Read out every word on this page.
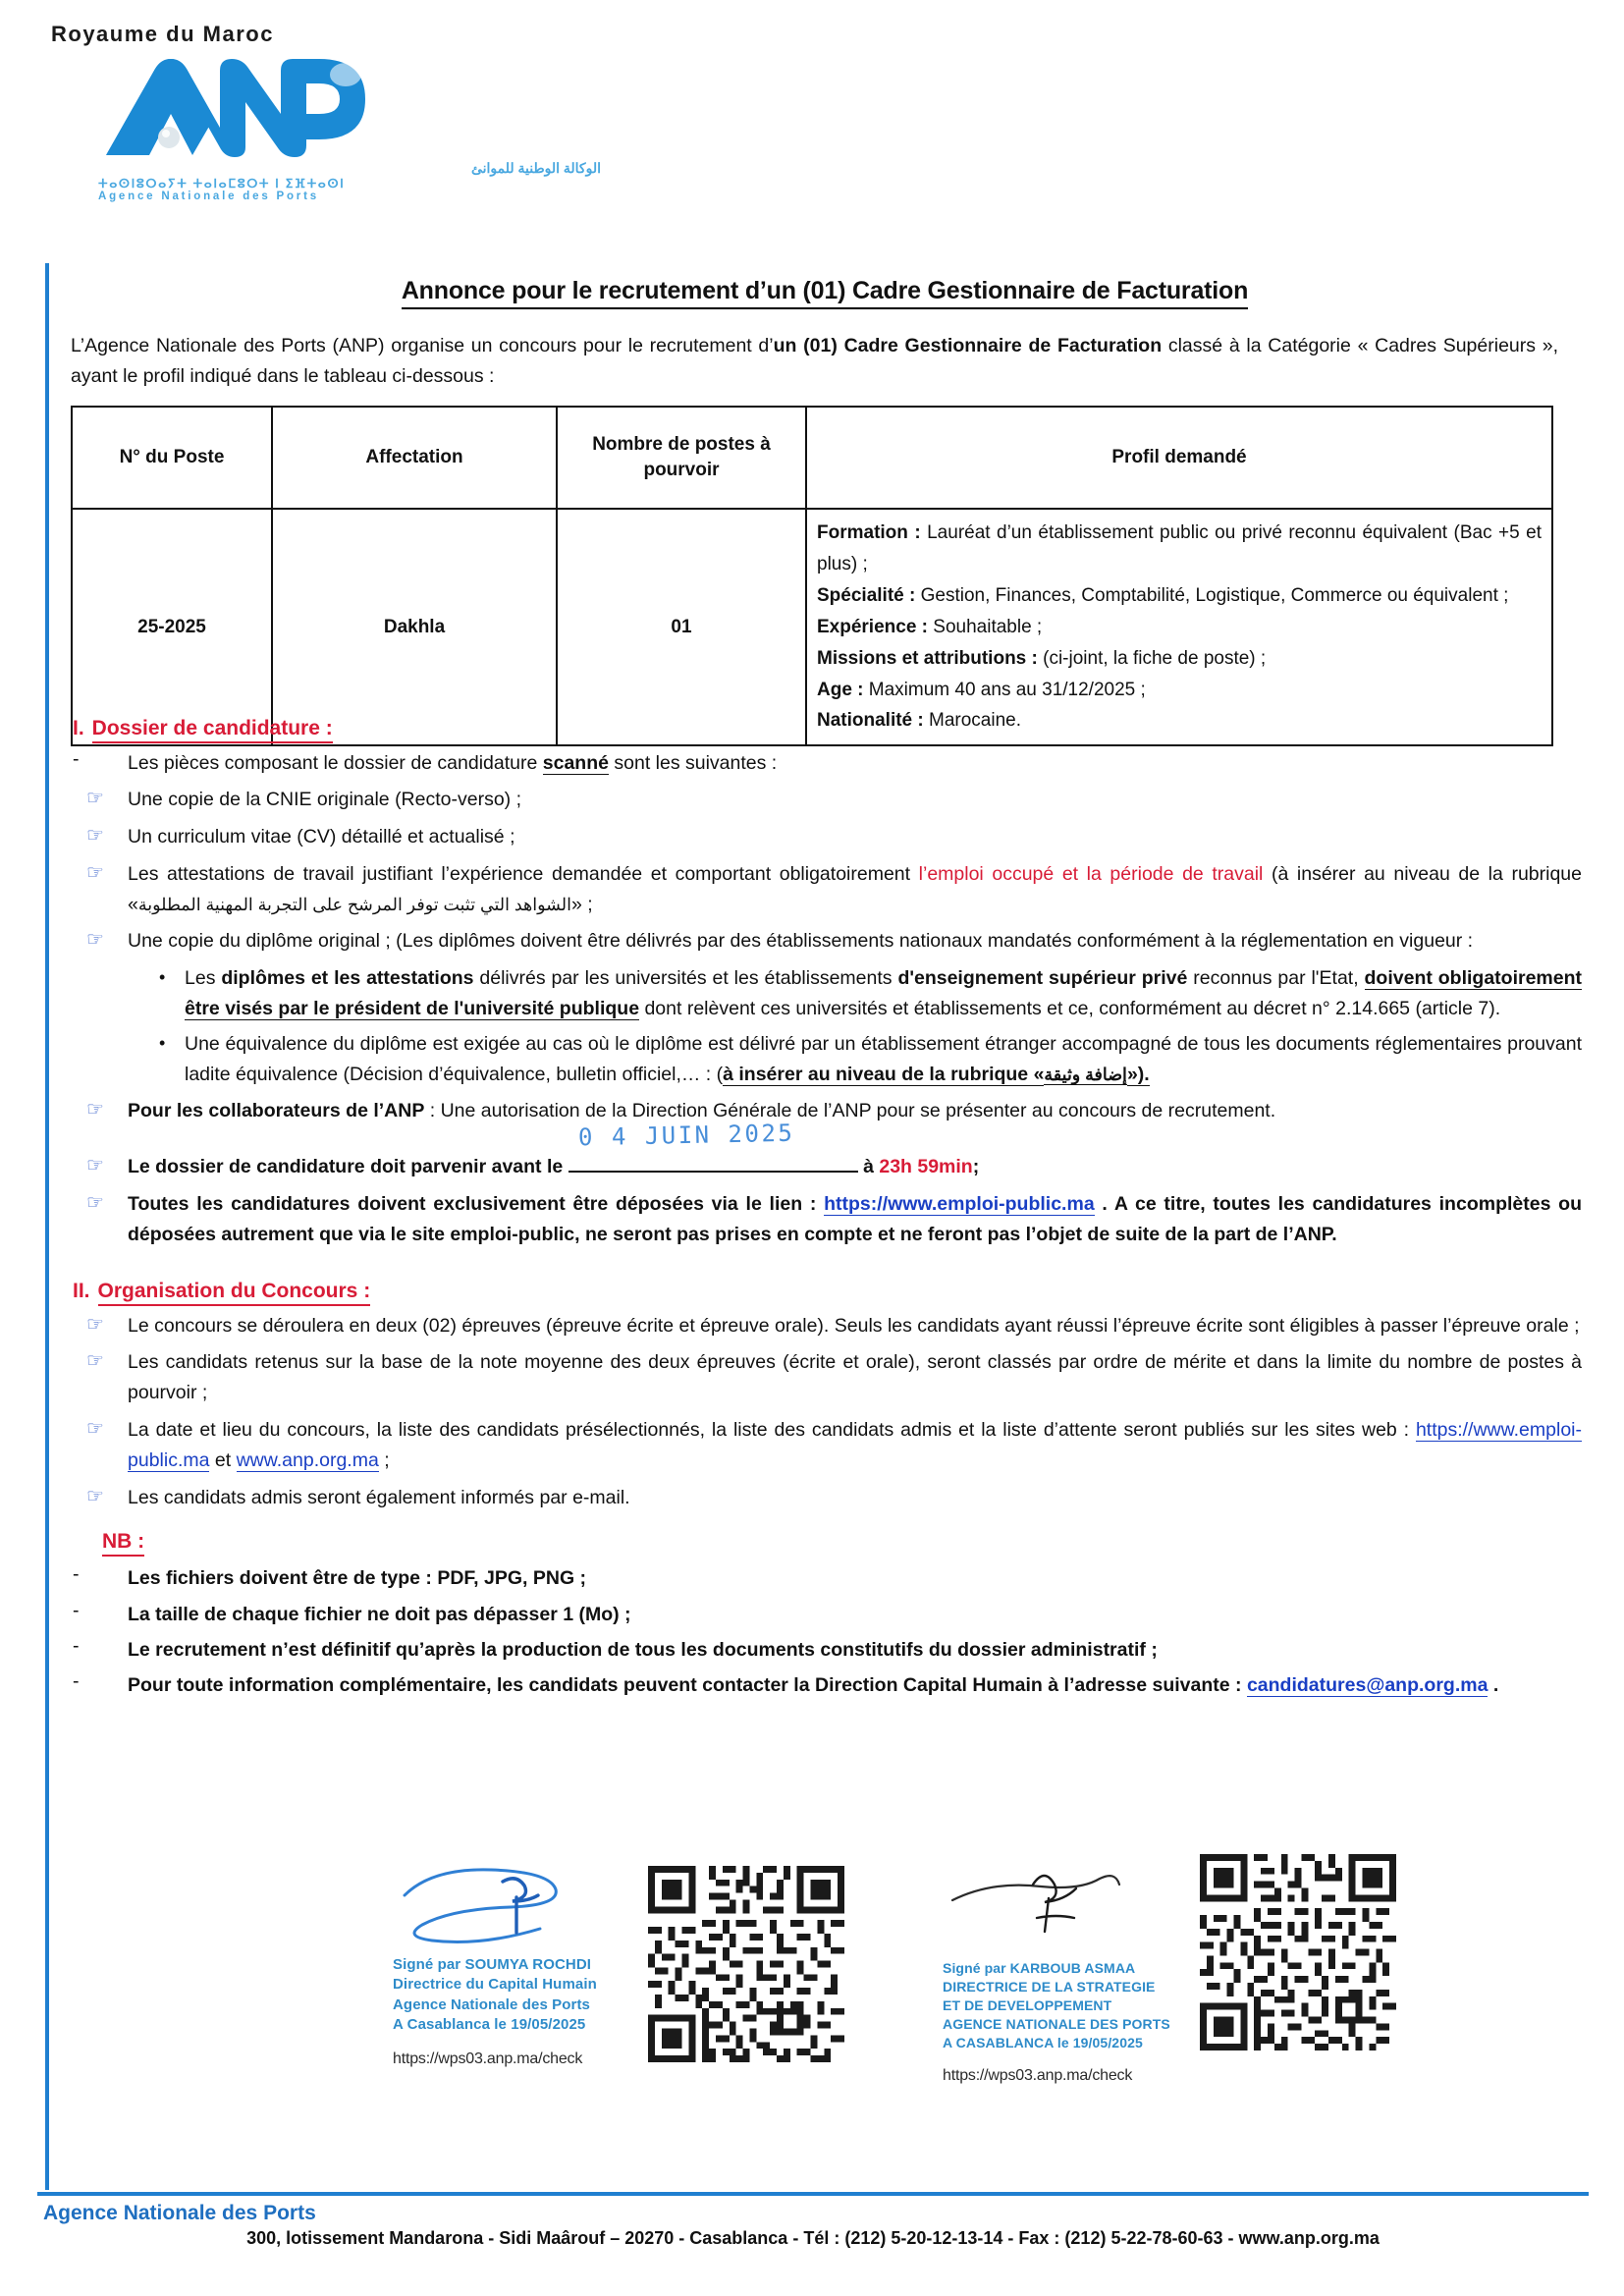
Royaume du Maroc
الوكالة الوطنية للموانئ
ⵜⴰⵙⵏⵓⵔⴰⵢⵜ ⵜⴰⵏⴰⵎⵓⵔⵜ ⵏ ⵉⴼⵜⴰⵙⵏ
Agence Nationale des Ports
Annonce pour le recrutement d’un (01) Cadre Gestionnaire de Facturation
L’Agence Nationale des Ports (ANP) organise un concours pour le recrutement d’un (01) Cadre Gestionnaire de Facturation classé à la Catégorie « Cadres Supérieurs », ayant le profil indiqué dans le tableau ci-dessous :
N° du Poste	Affectation	Nombre de postes à pourvoir	Profil demandé
25-2025	Dakhla	01	
Formation : Lauréat d’un établissement public ou privé reconnu équivalent (Bac +5 et plus) ;
Spécialité : Gestion, Finances, Comptabilité, Logistique, Commerce ou équivalent ;
Expérience : Souhaitable ;
Missions et attributions : (ci-joint, la fiche de poste) ;
Age : Maximum 40 ans au 31/12/2025 ;
Nationalité : Marocaine.
I. Dossier de candidature :
-	Les pièces composant le dossier de candidature scanné sont les suivantes :
☞	Une copie de la CNIE originale (Recto-verso) ;
☞	Un curriculum vitae (CV) détaillé et actualisé ;
☞	Les attestations de travail justifiant l’expérience demandée et comportant obligatoirement l’emploi occupé et la période de travail (à insérer au niveau de la rubrique «الشواهد التي تثبت توفر المرشح على التجربة المهنية المطلوبة» ;
☞	Une copie du diplôme original ; (Les diplômes doivent être délivrés par des établissements nationaux mandatés conformément à la réglementation en vigueur :
•	Les diplômes et les attestations délivrés par les universités et les établissements d'enseignement supérieur privé reconnus par l'Etat, doivent obligatoirement être visés par le président de l'université publique dont relèvent ces universités et établissements et ce, conformément au décret n° 2.14.665 (article 7).
•	Une équivalence du diplôme est exigée au cas où le diplôme est délivré par un établissement étranger accompagné de tous les documents réglementaires prouvant ladite équivalence (Décision d’équivalence, bulletin officiel,… : (à insérer au niveau de la rubrique «إضافة وثيقة»).
☞	Pour les collaborateurs de l’ANP : Une autorisation de la Direction Générale de l’ANP pour se présenter au concours de recrutement.
☞	Le dossier de candidature doit parvenir avant le
0 4 JUIN 2025
à 23h 59min;
☞	Toutes les candidatures doivent exclusivement être déposées via le lien : https://www.emploi-public.ma . A ce titre, toutes les candidatures incomplètes ou déposées autrement que via le site emploi-public, ne seront pas prises en compte et ne feront pas l’objet de suite de la part de l’ANP.
II. Organisation du Concours :
☞	Le concours se déroulera en deux (02) épreuves (épreuve écrite et épreuve orale). Seuls les candidats ayant réussi l’épreuve écrite sont éligibles à passer l’épreuve orale ;
☞	Les candidats retenus sur la base de la note moyenne des deux épreuves (écrite et orale), seront classés par ordre de mérite et dans la limite du nombre de postes à pourvoir ;
☞	La date et lieu du concours, la liste des candidats présélectionnés, la liste des candidats admis et la liste d’attente seront publiés sur les sites web : https://www.emploi-public.ma et www.anp.org.ma ;
☞	Les candidats admis seront également informés par e-mail.
NB :
-	Les fichiers doivent être de type : PDF, JPG, PNG ;
-	La taille de chaque fichier ne doit pas dépasser 1 (Mo) ;
-	Le recrutement n’est définitif qu’après la production de tous les documents constitutifs du dossier administratif ;
-	Pour toute information complémentaire, les candidats peuvent contacter la Direction Capital Humain à l’adresse suivante : candidatures@anp.org.ma .
Signé par SOUMYA ROCHDI
Directrice du Capital Humain
Agence Nationale des Ports
A Casablanca le 19/05/2025
https://wps03.anp.ma/check
Signé par KARBOUB ASMAA
DIRECTRICE DE LA STRATEGIE
ET DE DEVELOPPEMENT
AGENCE NATIONALE DES PORTS
A CASABLANCA le 19/05/2025
https://wps03.anp.ma/check
Agence Nationale des Ports
300, lotissement Mandarona - Sidi Maârouf – 20270 - Casablanca - Tél : (212) 5-20-12-13-14 - Fax : (212) 5-22-78-60-63 - www.anp.org.ma
